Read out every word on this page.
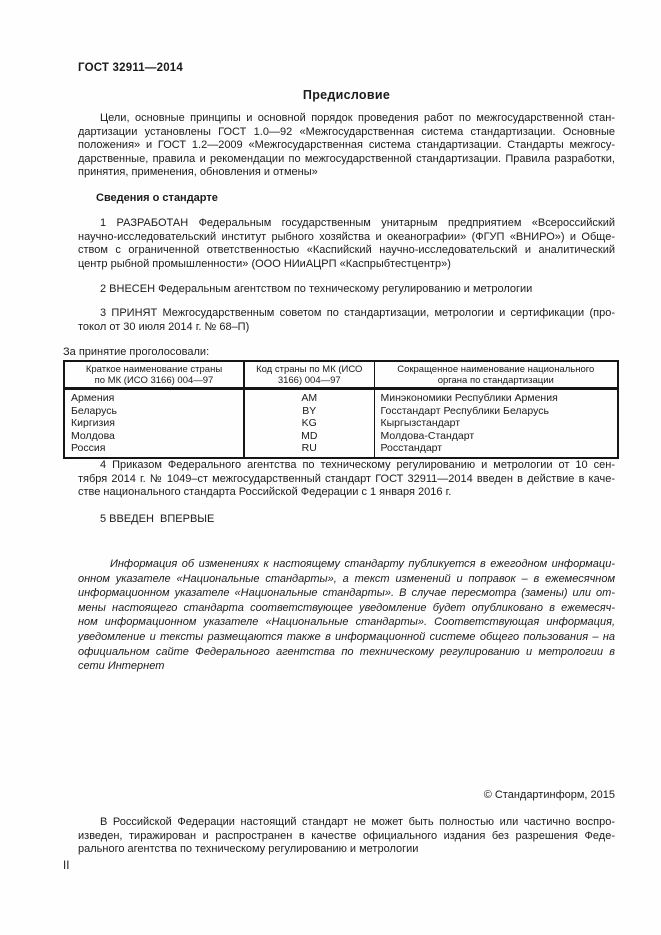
ГОСТ 32911—2014
Предисловие
Цели, основные принципы и основной порядок проведения работ по межгосударственной стан-
дартизации установлены ГОСТ 1.0—92 «Межгосударственная система стандартизации. Основные
положения» и ГОСТ 1.2—2009 «Межгосударственная система стандартизации. Стандарты межгосу-
дарственные, правила и рекомендации по межгосударственной стандартизации. Правила разработки,
принятия, применения, обновления и отмены»
Сведения о стандарте
1 РАЗРАБОТАН Федеральным государственным унитарным предприятием «Всероссийский
научно-исследовательский институт рыбного хозяйства и океанографии» (ФГУП «ВНИРО») и Обще-
ством с ограниченной ответственностью «Каспийский научно-исследовательский и аналитический
центр рыбной промышленности» (ООО НИиАЦРП «Каспрыбтестцентр»)
2 ВНЕСЕН Федеральным агентством по техническому регулированию и метрологии
3 ПРИНЯТ Межгосударственным советом по стандартизации, метрологии и сертификации (про-
токол от 30 июля 2014 г. № 68–П)
За принятие проголосовали:
Краткое наименование страны
по МК (ИСО 3166) 004—97

Код страны по МК (ИСО
3166) 004—97

Сокращенное наименование национального
органа по стандартизации

Армения	AM	Минэкономики Республики Армения
Беларусь	BY	Госстандарт Республики Беларусь
Киргизия	KG	Кыргызстандарт
Молдова	MD	Молдова-Стандарт
Россия	RU	Росстандарт
4 Приказом Федерального агентства по техническому регулированию и метрологии от 10 сен-
тября 2014 г. № 1049–ст межгосударственный стандарт ГОСТ 32911—2014 введен в действие в каче-
стве национального стандарта Российской Федерации с 1 января 2016 г.
5 ВВЕДЕН  ВПЕРВЫЕ
Информация об изменениях к настоящему стандарту публикуется в ежегодном информаци-
онном указателе «Национальные стандарты», а текст изменений и поправок – в ежемесячном
информационном указателе «Национальные стандарты». В случае пересмотра (замены) или от-
мены настоящего стандарта соответствующее уведомление будет опубликовано в ежемесяч-
ном информационном указателе «Национальные стандарты». Соответствующая информация,
уведомление и тексты размещаются также в информационной системе общего пользования – на
официальном сайте Федерального агентства по техническому регулированию и метрологии в
сети Интернет
© Стандартинформ, 2015
В Российской Федерации настоящий стандарт не может быть полностью или частично воспро-
изведен, тиражирован и распространен в качестве официального издания без разрешения Феде-
рального агентства по техническому регулированию и метрологии
II
